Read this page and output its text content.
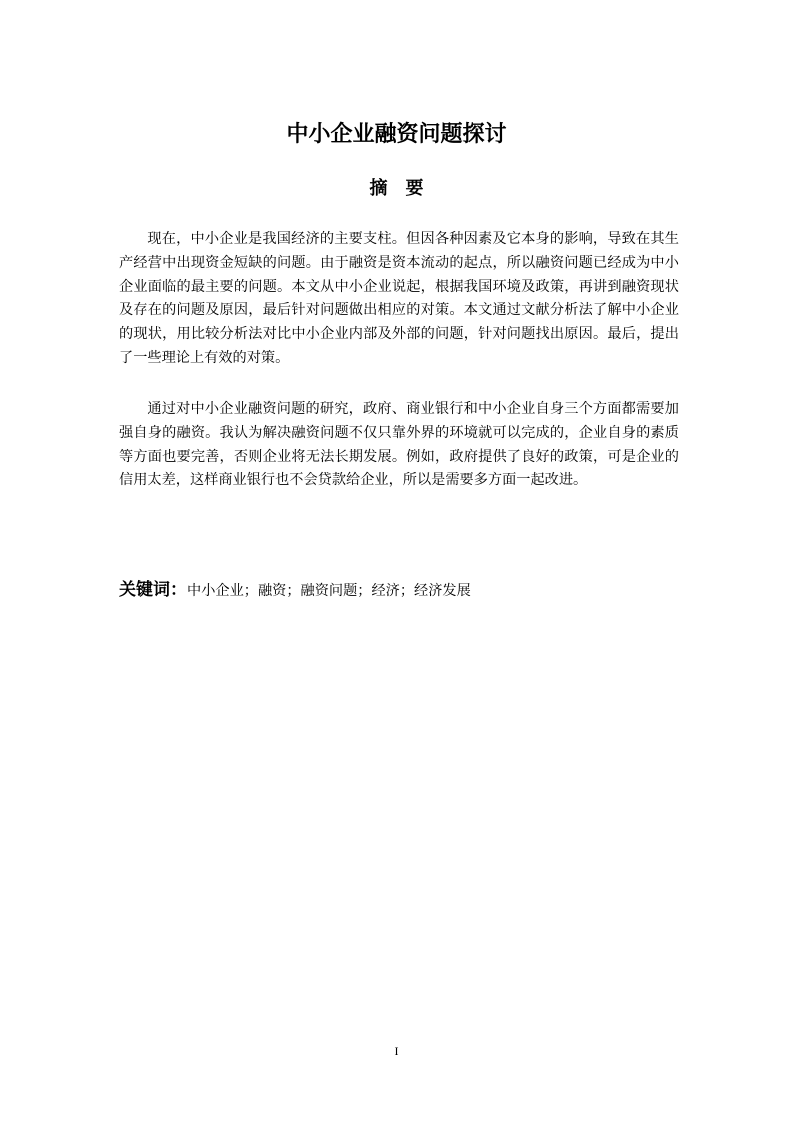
中小企业融资问题探讨
摘要

现在，中小企业是我国经济的主要支柱。但因各种因素及它本身的影响，导致在其生产经营中出现资金短缺的问题。由于融资是资本流动的起点，所以融资问题已经成为中小企业面临的最主要的问题。本文从中小企业说起，根据我国环境及政策，再讲到融资现状及存在的问题及原因，最后针对问题做出相应的对策。本文通过文献分析法了解中小企业的现状，用比较分析法对比中小企业内部及外部的问题，针对问题找出原因。最后，提出了一些理论上有效的对策。

通过对中小企业融资问题的研究，政府、商业银行和中小企业自身三个方面都需要加强自身的融资。我认为解决融资问题不仅只靠外界的环境就可以完成的，企业自身的素质等方面也要完善，否则企业将无法长期发展。例如，政府提供了良好的政策，可是企业的信用太差，这样商业银行也不会贷款给企业，所以是需要多方面一起改进。

关键词：中小企业；融资；融资问题；经济；经济发展
I
